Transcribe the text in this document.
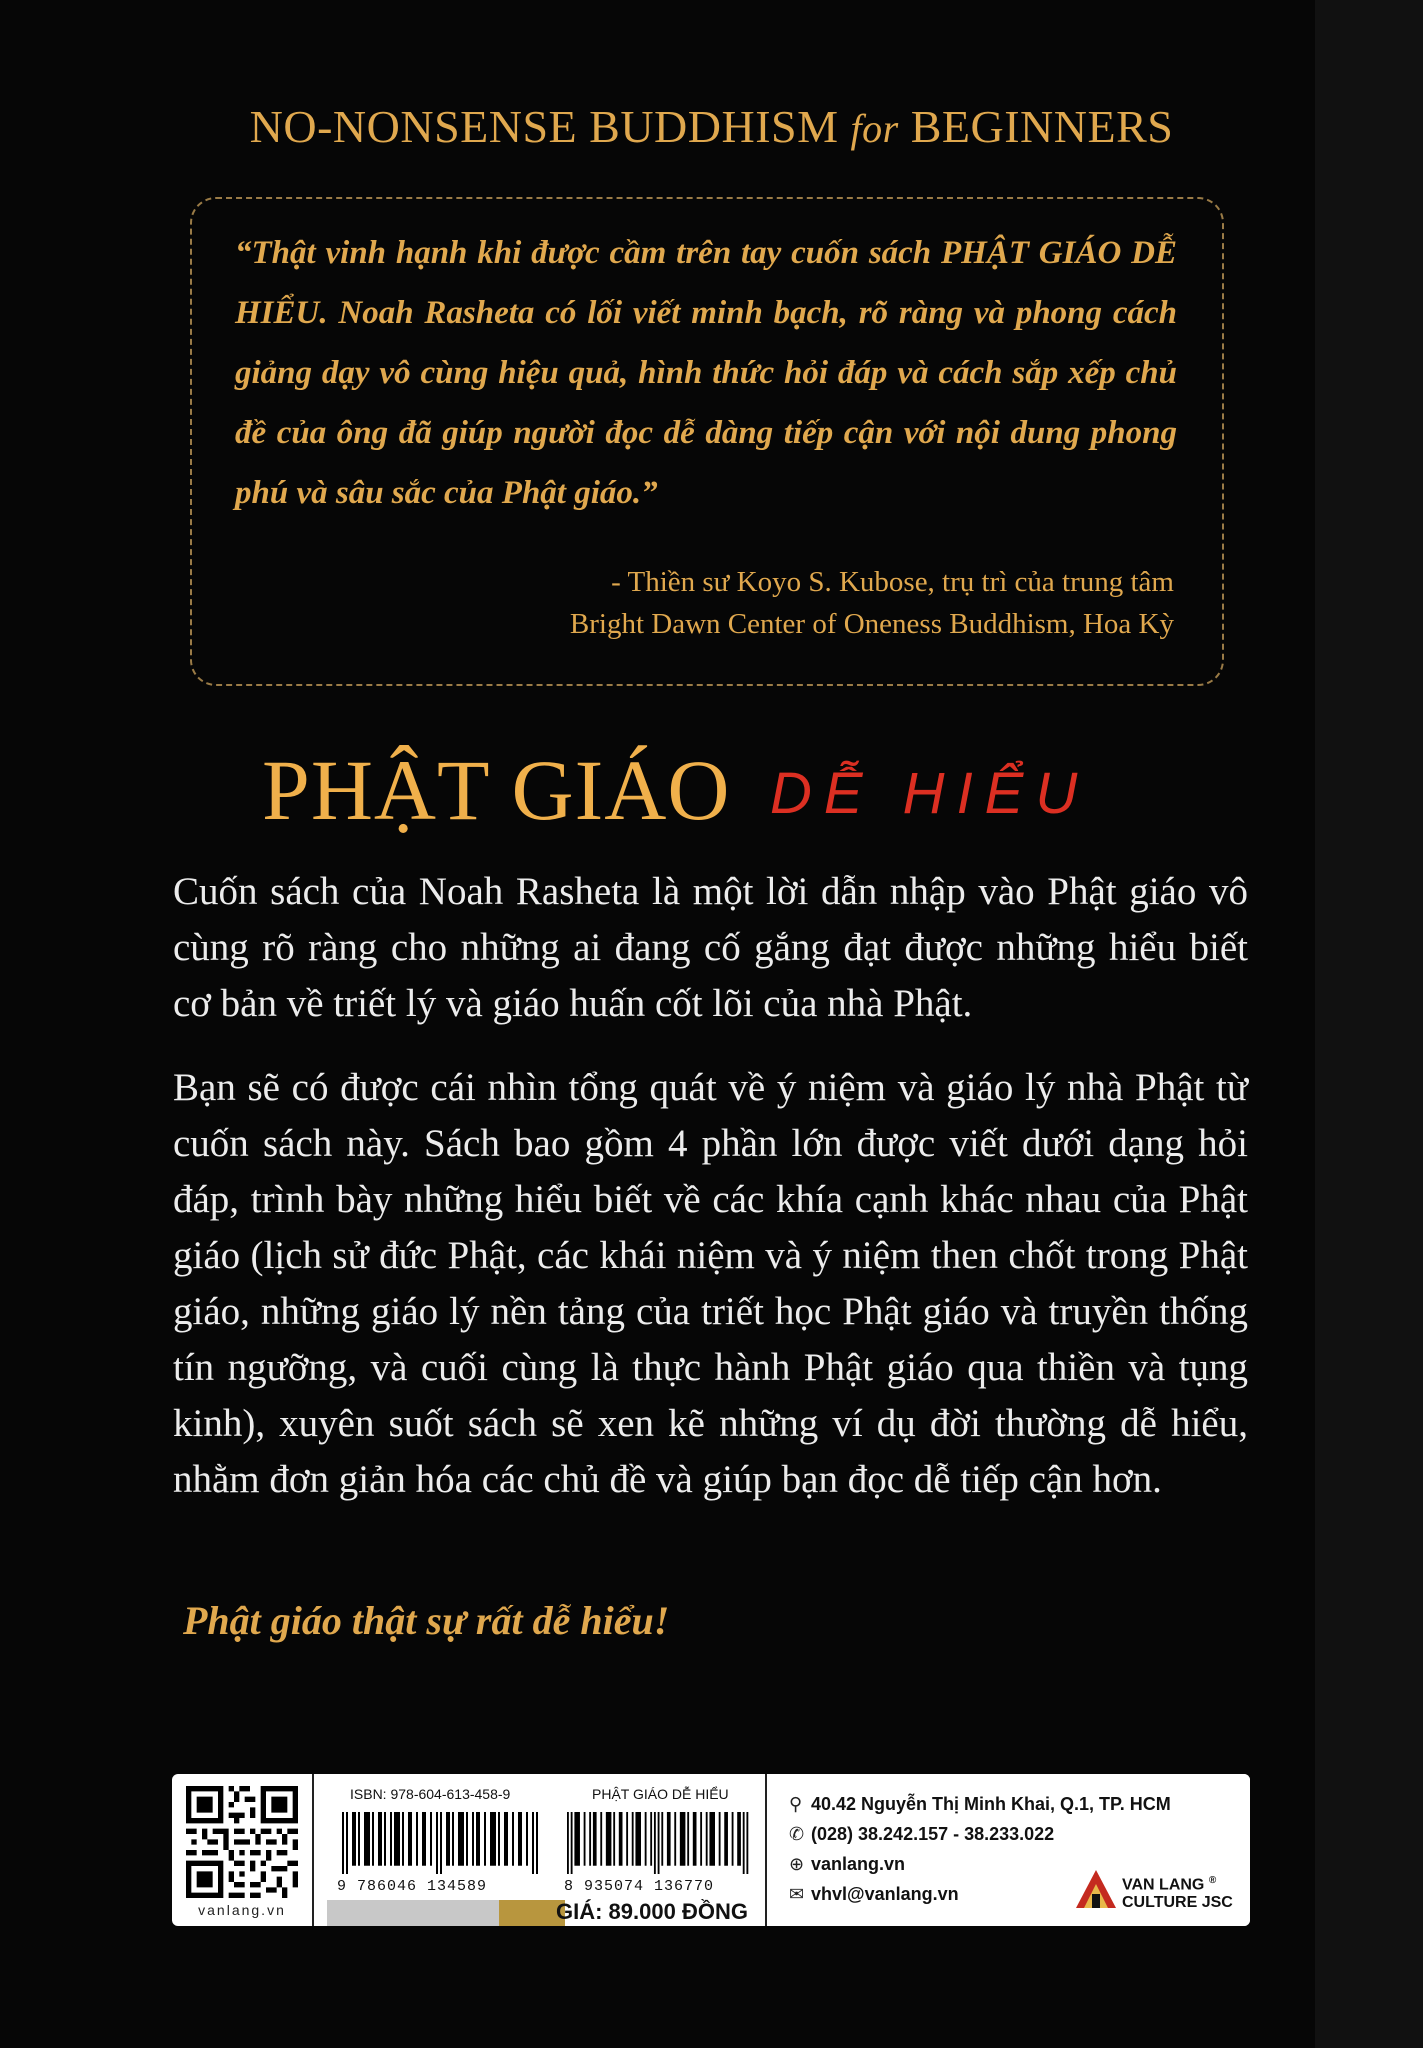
NO-NONSENSE BUDDHISM for BEGINNERS
“Thật vinh hạnh khi được cầm trên tay cuốn sách PHẬT GIÁO DỄ HIỂU. Noah Rasheta có lối viết minh bạch, rõ ràng và phong cách giảng dạy vô cùng hiệu quả, hình thức hỏi đáp và cách sắp xếp chủ đề của ông đã giúp người đọc dễ dàng tiếp cận với nội dung phong phú và sâu sắc của Phật giáo.”
- Thiền sư Koyo S. Kubose, trụ trì của trung tâm
Bright Dawn Center of Oneness Buddhism, Hoa Kỳ
PHẬT GIÁO DỄ HIỂU
Cuốn sách của Noah Rasheta là một lời dẫn nhập vào Phật giáo vô cùng rõ ràng cho những ai đang cố gắng đạt được những hiểu biết cơ bản về triết lý và giáo huấn cốt lõi của nhà Phật.
Bạn sẽ có được cái nhìn tổng quát về ý niệm và giáo lý nhà Phật từ cuốn sách này. Sách bao gồm 4 phần lớn được viết dưới dạng hỏi đáp, trình bày những hiểu biết về các khía cạnh khác nhau của Phật giáo (lịch sử đức Phật, các khái niệm và ý niệm then chốt trong Phật giáo, những giáo lý nền tảng của triết học Phật giáo và truyền thống tín ngưỡng, và cuối cùng là thực hành Phật giáo qua thiền và tụng kinh), xuyên suốt sách sẽ xen kẽ những ví dụ đời thường dễ hiểu, nhằm đơn giản hóa các chủ đề và giúp bạn đọc dễ tiếp cận hơn.
Phật giáo thật sự rất dễ hiểu!
vanlang.vn
ISBN: 978-604-613-458-9	PHẬT GIÁO DỄ HIỂU
9 786046 134589	8 935074 136770
GIÁ: 89.000 ĐỒNG
⚲ 40.42 Nguyễn Thị Minh Khai, Q.1, TP. HCM
✆ (028) 38.242.157 - 38.233.022
⊕ vanlang.vn
✉ vhvl@vanlang.vn	VAN LANG ®
CULTURE JSC
